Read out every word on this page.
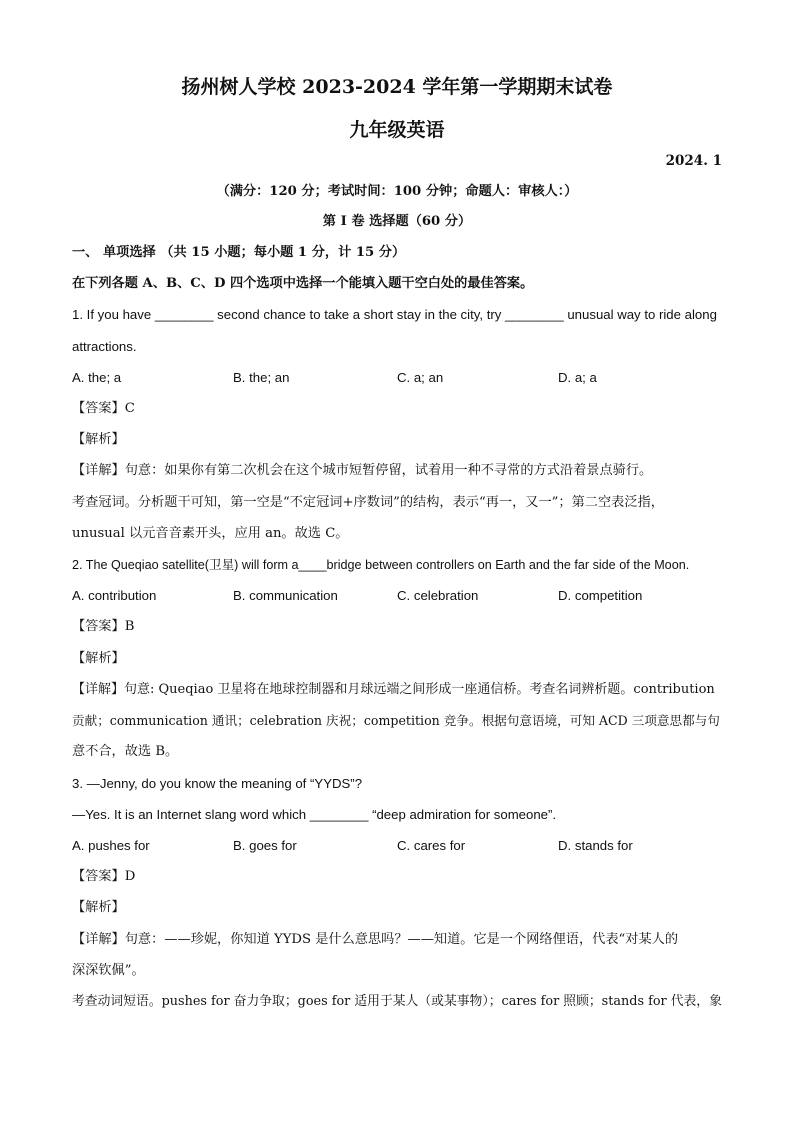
扬州树人学校 2023-2024 学年第一学期期末试卷
九年级英语
2024. 1
（满分：120 分；考试时间：100 分钟；命题人：审核人：）
第 I 卷 选择题（60 分）
一、 单项选择 （共 15 小题；每小题 1 分，计 15 分）
在下列各题 A、B、C、D 四个选项中选择一个能填入题干空白处的最佳答案。
1. If you have ________ second chance to take a short stay in the city, try ________ unusual way to ride along
attractions.
A. the; a	B. the; an	C. a; an	D. a; a
【答案】C
【解析】
【详解】句意：如果你有第二次机会在这个城市短暂停留，试着用一种不寻常的方式沿着景点骑行。
考查冠词。分析题干可知，第一空是“不定冠词+序数词”的结构，表示“再一，又一”；第二空表泛指，
unusual 以元音音素开头，应用 an。故选 C。
2. The Queqiao satellite(卫星) will form a____bridge between controllers on Earth and the far side of the Moon.
A. contribution	B. communication	C. celebration	D. competition
【答案】B
【解析】
【详解】句意: Queqiao 卫星将在地球控制器和月球远端之间形成一座通信桥。考查名词辨析题。contribution
贡献；communication 通讯；celebration 庆祝；competition 竞争。根据句意语境，可知 ACD 三项意思都与句
意不合，故选 B。
3. —Jenny, do you know the meaning of “YYDS”?
—Yes. It is an Internet slang word which ________ “deep admiration for someone”.
A. pushes for	B. goes for	C. cares for	D. stands for
【答案】D
【解析】
【详解】句意：——珍妮，你知道 YYDS 是什么意思吗？——知道。它是一个网络俚语，代表“对某人的
深深钦佩”。
考查动词短语。pushes for 奋力争取；goes for 适用于某人（或某事物）；cares for 照顾；stands for 代表，象
